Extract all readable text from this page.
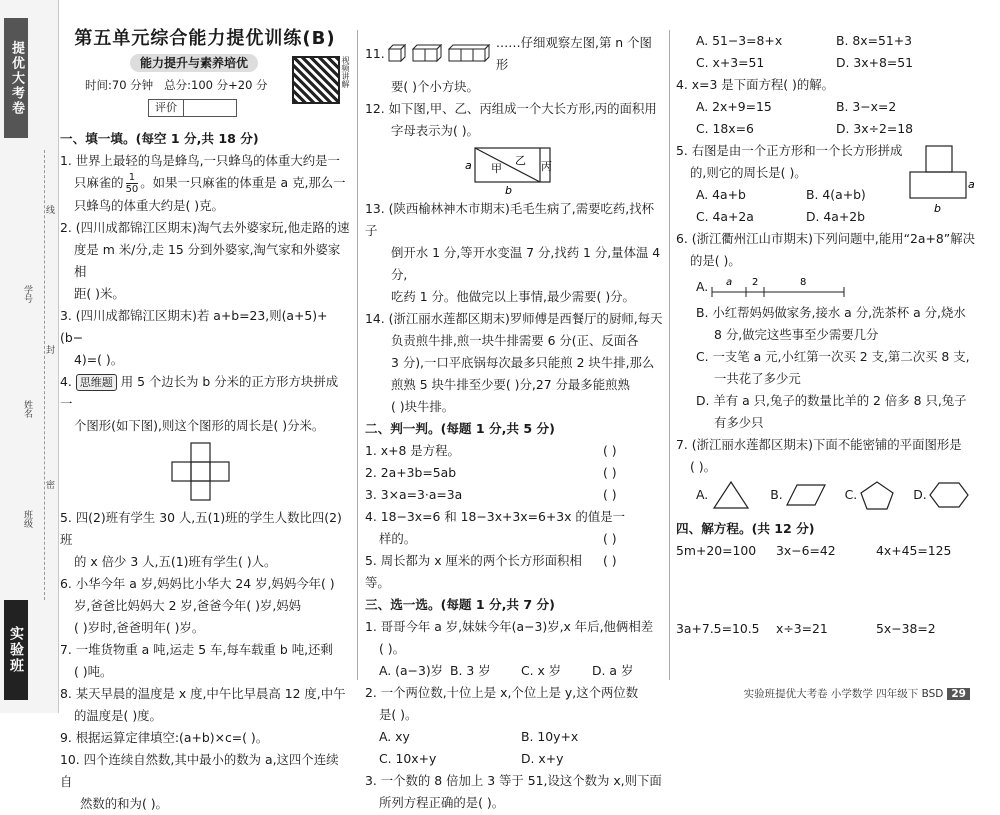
提优大考卷
线
学号
封
姓名
密
班级
实验班
第五单元综合能力提优训练(B)
能力提升与素养培优
时间:70 分钟 总分:100 分+20 分
评价
视频讲解
一、填一填。(每空 1 分,共 18 分)
1. 世界上最轻的鸟是蜂鸟,一只蜂鸟的体重大约是一
只麻雀的 $\frac{1}{50}$ 。如果一只麻雀的体重是 a 克,那么一
只蜂鸟的体重大约是( )克。
2. (四川成都锦江区期末)淘气去外婆家玩,他走路的速
度是 m 米/分,走 15 分到外婆家,淘气家和外婆家相
距( )米。
3. (四川成都锦江区期末)若 a+b=23,则(a+5)+(b−
4)=( )。
4. 思维题 用 5 个边长为 b 分米的正方形方块拼成一
个图形(如下图),则这个图形的周长是( )分米。
5. 四(2)班有学生 30 人,五(1)班的学生人数比四(2)班
的 x 倍少 3 人,五(1)班有学生( )人。
6. 小华今年 a 岁,妈妈比小华大 24 岁,妈妈今年( )
岁,爸爸比妈妈大 2 岁,爸爸今年( )岁,妈妈
( )岁时,爸爸明年( )岁。
7. 一堆货物重 a 吨,运走 5 车,每车载重 b 吨,还剩
( )吨。
8. 某天早晨的温度是 x 度,中午比早晨高 12 度,中午
的温度是( )度。
9. 根据运算定律填空:(a+b)×c=( )。
10. 四个连续自然数,其中最小的数为 a,这四个连续自
然数的和为( )。
11.
……仔细观察左图,第 n 个图形
要( )个小方块。
12. 如下图,甲、乙、丙组成一个大长方形,丙的面积用
字母表示为( )。
甲
乙 丙
a
b
13. (陕西榆林神木市期末)毛毛生病了,需要吃药,找杯子
倒开水 1 分,等开水变温 7 分,找药 1 分,量体温 4 分,
吃药 1 分。他做完以上事情,最少需要( )分。
14. (浙江丽水莲都区期末)罗师傅是西餐厅的厨师,每天
负责煎牛排,煎一块牛排需要 6 分(正、反面各
3 分),一口平底锅每次最多只能煎 2 块牛排,那么
煎熟 5 块牛排至少要( )分,27 分最多能煎熟
( )块牛排。
二、判一判。(每题 1 分,共 5 分)
1. x+8 是方程。	( )
2. 2a+3b=5ab	( )
3. 3×a=3·a=3a	( )
4. 18−3x=6 和 18−3x+3x=6+3x 的值是一
样的。	( )
5. 周长都为 x 厘米的两个长方形面积相等。
( )
三、选一选。(每题 1 分,共 7 分)
1. 哥哥今年 a 岁,妹妹今年(a−3)岁,x 年后,他俩相差
( )。
A. (a−3)岁 B. 3 岁	C. x 岁	D. a 岁
2. 一个两位数,十位上是 x,个位上是 y,这个两位数
是( )。
A. xy	B. 10y+x
C. 10x+y	D. x+y
3. 一个数的 8 倍加上 3 等于 51,设这个数为 x,则下面
所列方程正确的是( )。
A. 51−3=8+x	B. 8x=51+3
C. x+3=51	D. 3x+8=51
4. x=3 是下面方程( )的解。
A. 2x+9=15	B. 3−x=2
C. 18x=6	D. 3x÷2=18
5. 右图是由一个正方形和一个长方形拼成
的,则它的周长是( )。
A. 4a+b	B. 4(a+b)
C. 4a+2a	D. 4a+2b
a
b
6. (浙江衢州江山市期末)下列问题中,能用“2a+8”解决
的是( )。
A. a 2	8
B. 小红帮妈妈做家务,接水 a 分,洗茶杯 a 分,烧水
8 分,做完这些事至少需要几分
C. 一支笔 a 元,小红第一次买 2 支,第二次买 8 支,
一共花了多少元
D. 羊有 a 只,兔子的数量比羊的 2 倍多 8 只,兔子
有多少只
7. (浙江丽水莲都区期末)下面不能密铺的平面图形是
( )。
A.	B.	C.	D.
四、解方程。(共 12 分)
5m+20=100	3x−6=42	4x+45=125
3a+7.5=10.5	x÷3=21	5x−38=2
实验班提优大考卷 小学数学 四年级下 BSD 29
